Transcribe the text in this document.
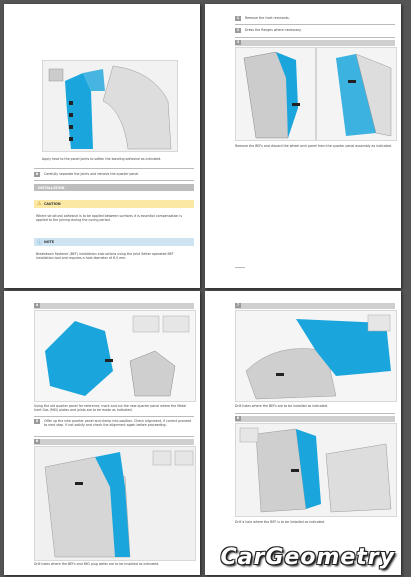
Apply heat to the panel joints to soften the bonding adhesive as indicated.
b	Carefully separate the joints and remove the quarter panel.
INSTALLATION
⚠ CAUTION
Where structural adhesive is to be applied between surfaces it is essential compensation is applied to the joining during the curing period.
ⓘ NOTE
Breakdown Fastener (BEF) installation instructions using the Joint Setter operated BEF installation tool and requires a hole diameter of 6.5 mm.
1	Remove the rivet remnants.
2	Dress the flanges where necessary.
3
Remove the BEFs and discard the wheel arch panel from the quarter panel assembly as indicated.
4
Using the old quarter panel for reference, mark and cut the new quarter panel where the Metal Inert Gas (MIG) plates and joints are to be made as indicated.
5	Offer up the new quarter panel and clamp into position. Check alignment, if correct proceed to next step. If not satisfy and check the alignment again before proceeding.
6
Drill holes where the BEFs and MIG plug welds are to be installed as indicated.
7
Drill holes where the BEFs are to be installed as indicated.
8
Drill a hole where the BEF is to be installed as indicated.
CarGeometry
